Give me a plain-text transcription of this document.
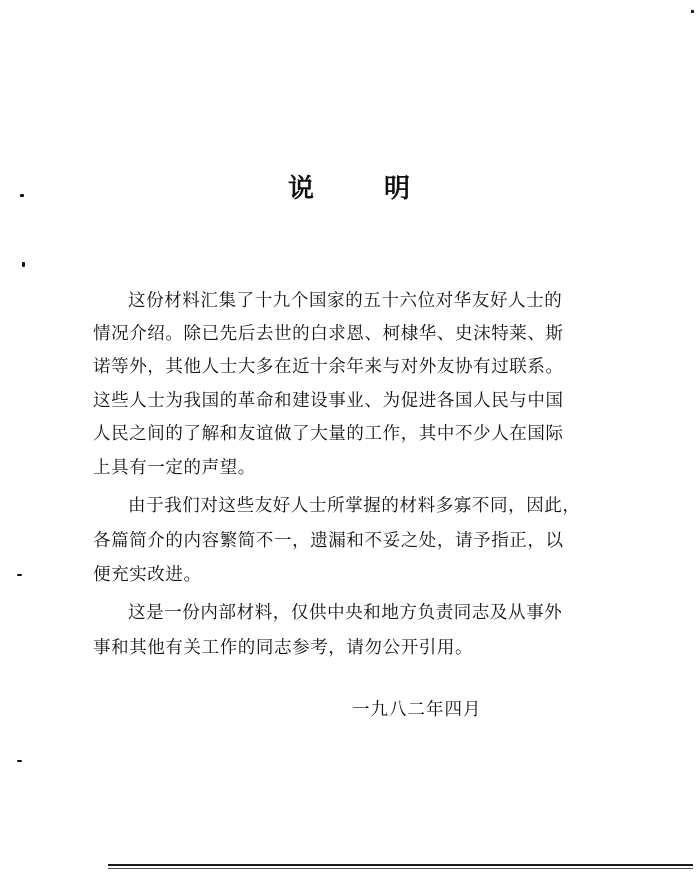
说	明
这份材料汇集了十九个国家的五十六位对华友好人士的
情况介绍。除已先后去世的白求恩、柯棣华、史沫特莱、斯
诺等外，其他人士大多在近十余年来与对外友协有过联系。
这些人士为我国的革命和建设事业、为促进各国人民与中国
人民之间的了解和友谊做了大量的工作，其中不少人在国际
上具有一定的声望。
由于我们对这些友好人士所掌握的材料多寡不同，因此，
各篇简介的内容繁简不一，遗漏和不妥之处，请予指正，以
便充实改进。
这是一份内部材料，仅供中央和地方负责同志及从事外
事和其他有关工作的同志参考，请勿公开引用。
一九八二年四月
